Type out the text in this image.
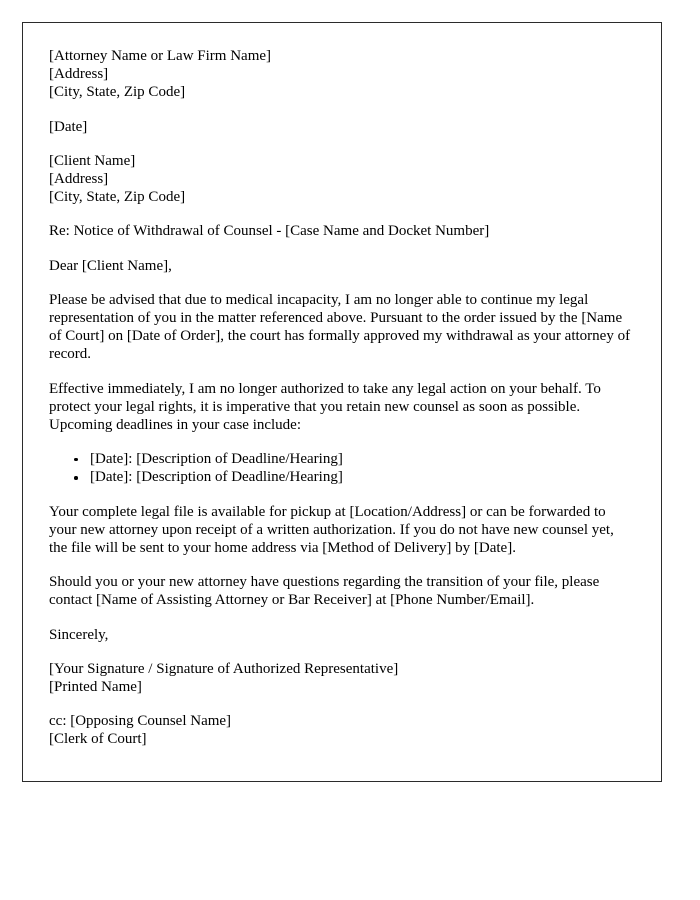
[Attorney Name or Law Firm Name]
[Address]
[City, State, Zip Code]
[Date]
[Client Name]
[Address]
[City, State, Zip Code]
Re: Notice of Withdrawal of Counsel - [Case Name and Docket Number]
Dear [Client Name],
Please be advised that due to medical incapacity, I am no longer able to continue my legal representation of you in the matter referenced above. Pursuant to the order issued by the [Name of Court] on [Date of Order], the court has formally approved my withdrawal as your attorney of record.
Effective immediately, I am no longer authorized to take any legal action on your behalf. To protect your legal rights, it is imperative that you retain new counsel as soon as possible. Upcoming deadlines in your case include:
[Date]: [Description of Deadline/Hearing]
[Date]: [Description of Deadline/Hearing]
Your complete legal file is available for pickup at [Location/Address] or can be forwarded to your new attorney upon receipt of a written authorization. If you do not have new counsel yet, the file will be sent to your home address via [Method of Delivery] by [Date].
Should you or your new attorney have questions regarding the transition of your file, please contact [Name of Assisting Attorney or Bar Receiver] at [Phone Number/Email].
Sincerely,
[Your Signature / Signature of Authorized Representative]
[Printed Name]
cc: [Opposing Counsel Name]
[Clerk of Court]
